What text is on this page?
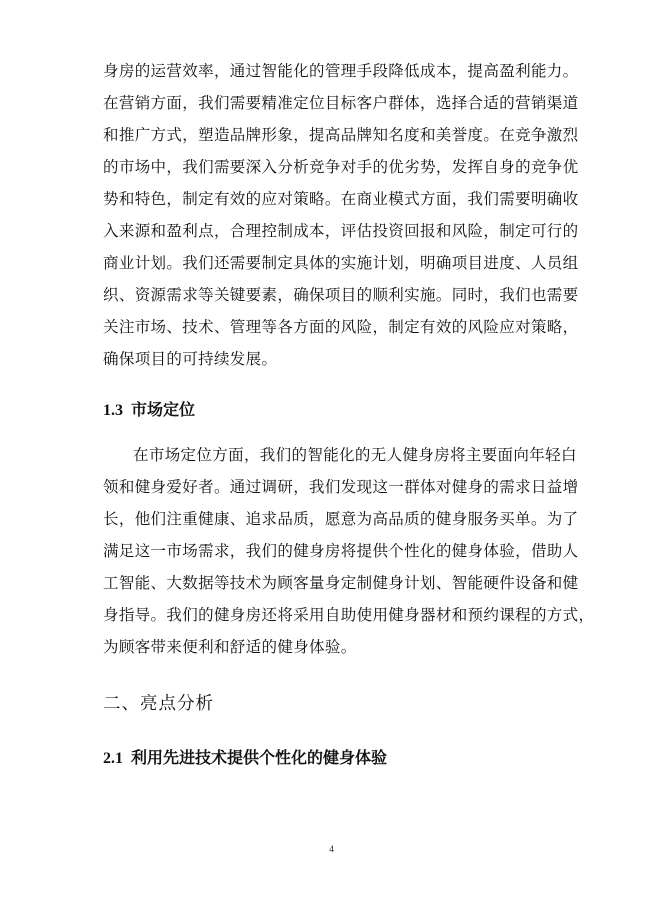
身房的运营效率，通过智能化的管理手段降低成本，提高盈利能力。
在营销方面，我们需要精准定位目标客户群体，选择合适的营销渠道
和推广方式，塑造品牌形象，提高品牌知名度和美誉度。在竞争激烈
的市场中，我们需要深入分析竞争对手的优劣势，发挥自身的竞争优
势和特色，制定有效的应对策略。在商业模式方面，我们需要明确收
入来源和盈利点，合理控制成本，评估投资回报和风险，制定可行的
商业计划。我们还需要制定具体的实施计划，明确项目进度、人员组
织、资源需求等关键要素，确保项目的顺利实施。同时，我们也需要
关注市场、技术、管理等各方面的风险，制定有效的风险应对策略，
确保项目的可持续发展。
1.3 市场定位
在市场定位方面，我们的智能化的无人健身房将主要面向年轻白
领和健身爱好者。通过调研，我们发现这一群体对健身的需求日益增
长，他们注重健康、追求品质，愿意为高品质的健身服务买单。为了
满足这一市场需求，我们的健身房将提供个性化的健身体验，借助人
工智能、大数据等技术为顾客量身定制健身计划、智能硬件设备和健
身指导。我们的健身房还将采用自助使用健身器材和预约课程的方式，
为顾客带来便利和舒适的健身体验。
二、亮点分析
2.1 利用先进技术提供个性化的健身体验
4
